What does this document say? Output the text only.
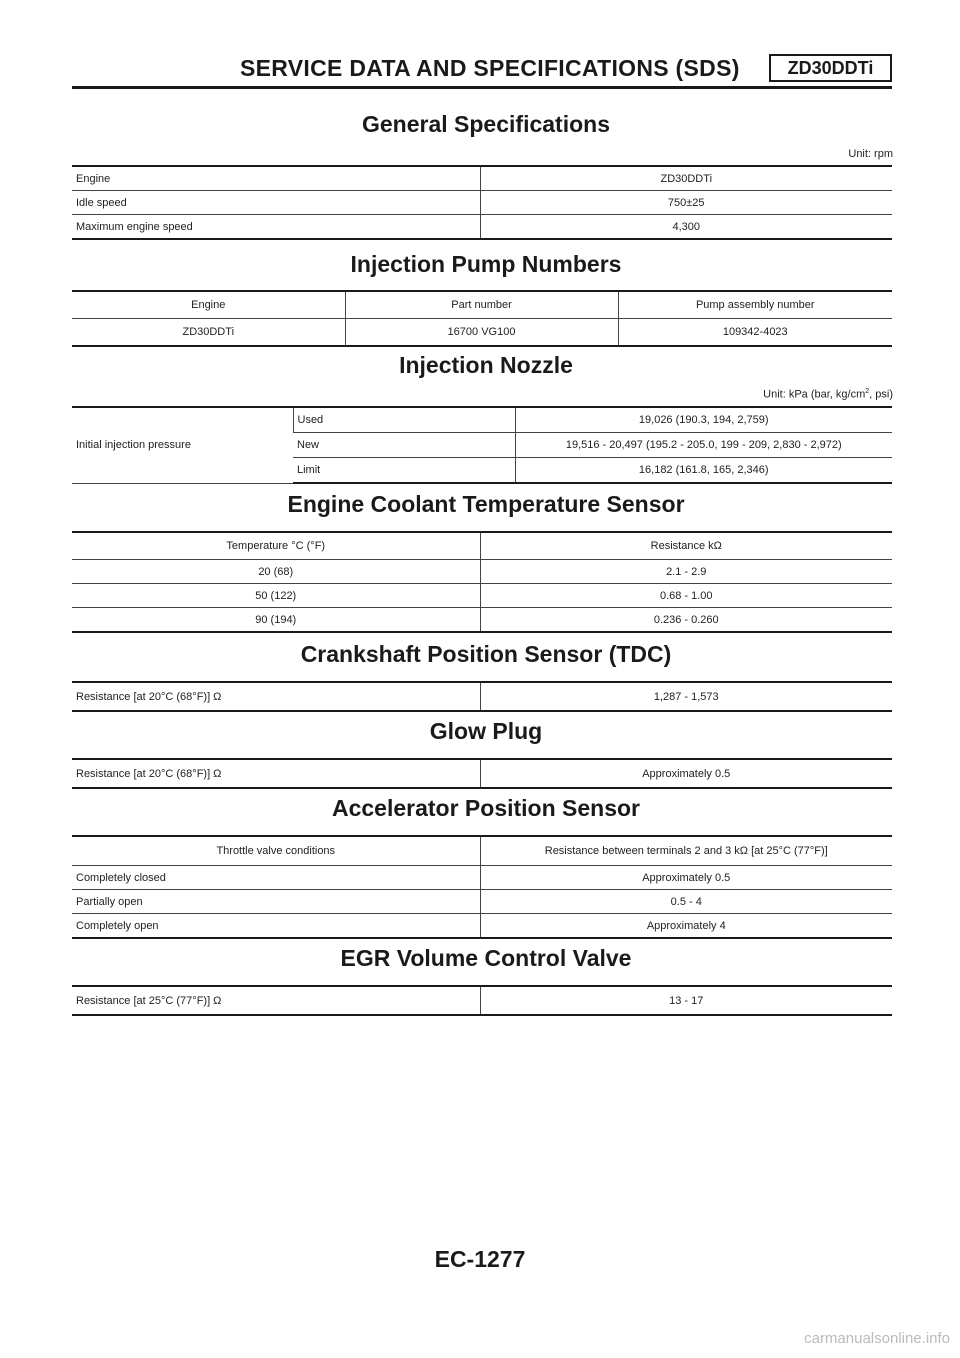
SERVICE DATA AND SPECIFICATIONS (SDS)	ZD30DDTi
General Specifications
Unit: rpm
Engine	ZD30DDTi
Idle speed	750±25
Maximum engine speed	4,300
Injection Pump Numbers
Engine	Part number	Pump assembly number
ZD30DDTi	16700 VG100	109342-4023
Injection Nozzle
Unit: kPa (bar, $kg/cm^2$, psi)
Initial injection pressure	Used	19,026 (190.3, 194, 2,759)
	New	19,516 - 20,497 (195.2 - 205.0, 199 - 209, 2,830 - 2,972)
	Limit	16,182 (161.8, 165, 2,346)
Engine Coolant Temperature Sensor
Temperature °C (°F)	Resistance kΩ
20 (68)	2.1 - 2.9
50 (122)	0.68 - 1.00
90 (194)	0.236 - 0.260
Crankshaft Position Sensor (TDC)
Resistance [at 20°C (68°F)] Ω	1,287 - 1,573
Glow Plug
Resistance [at 20°C (68°F)] Ω	Approximately 0.5
Accelerator Position Sensor
Throttle valve conditions	Resistance between terminals 2 and 3 kΩ [at 25°C (77°F)]
Completely closed	Approximately 0.5
Partially open	0.5 - 4
Completely open	Approximately 4
EGR Volume Control Valve
Resistance [at 25°C (77°F)] Ω	13 - 17
EC-1277
carmanualsonline.info
